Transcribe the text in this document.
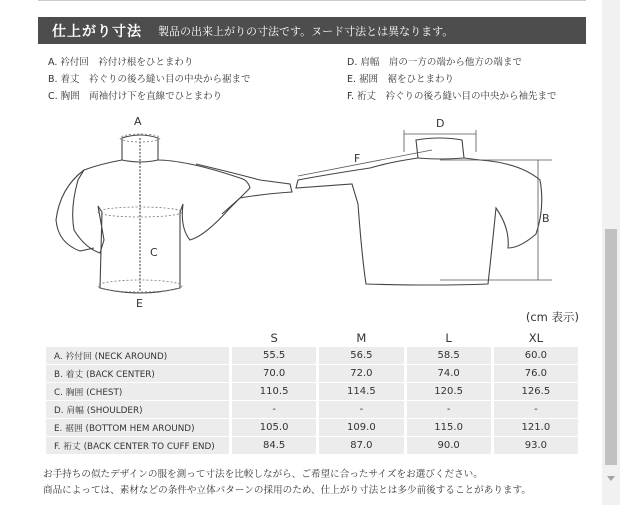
仕上がり寸法 製品の出来上がりの寸法です。ヌード寸法とは異なります。
A. 衿付回　衿付け根をひとまわり
B. 着丈　衿ぐりの後ろ縫い目の中央から裾まで
C. 胸囲　両袖付け下を直線でひとまわり
D. 肩幅　肩の一方の端から他方の端まで
E. 裾囲　裾をひとまわり
F. 裄丈　衿ぐりの後ろ縫い目の中央から袖先まで
A
C
E
D
B
F
(cm 表示)
	S	M	L	XL
A. 衿付回 (NECK AROUND)	55.5	56.5	58.5	60.0
B. 着丈 (BACK CENTER)	70.0	72.0	74.0	76.0
C. 胸囲 (CHEST)	110.5	114.5	120.5	126.5
D. 肩幅 (SHOULDER)	-	-	-	-
E. 裾囲 (BOTTOM HEM AROUND)	105.0	109.0	115.0	121.0
F. 裄丈 (BACK CENTER TO CUFF END)	84.5	87.0	90.0	93.0
お手持ちの似たデザインの服を測って寸法を比較しながら、ご希望に合ったサイズをお選びください。
商品によっては、素材などの条件や立体パターンの採用のため、仕上がり寸法とは多少前後することがあります。
